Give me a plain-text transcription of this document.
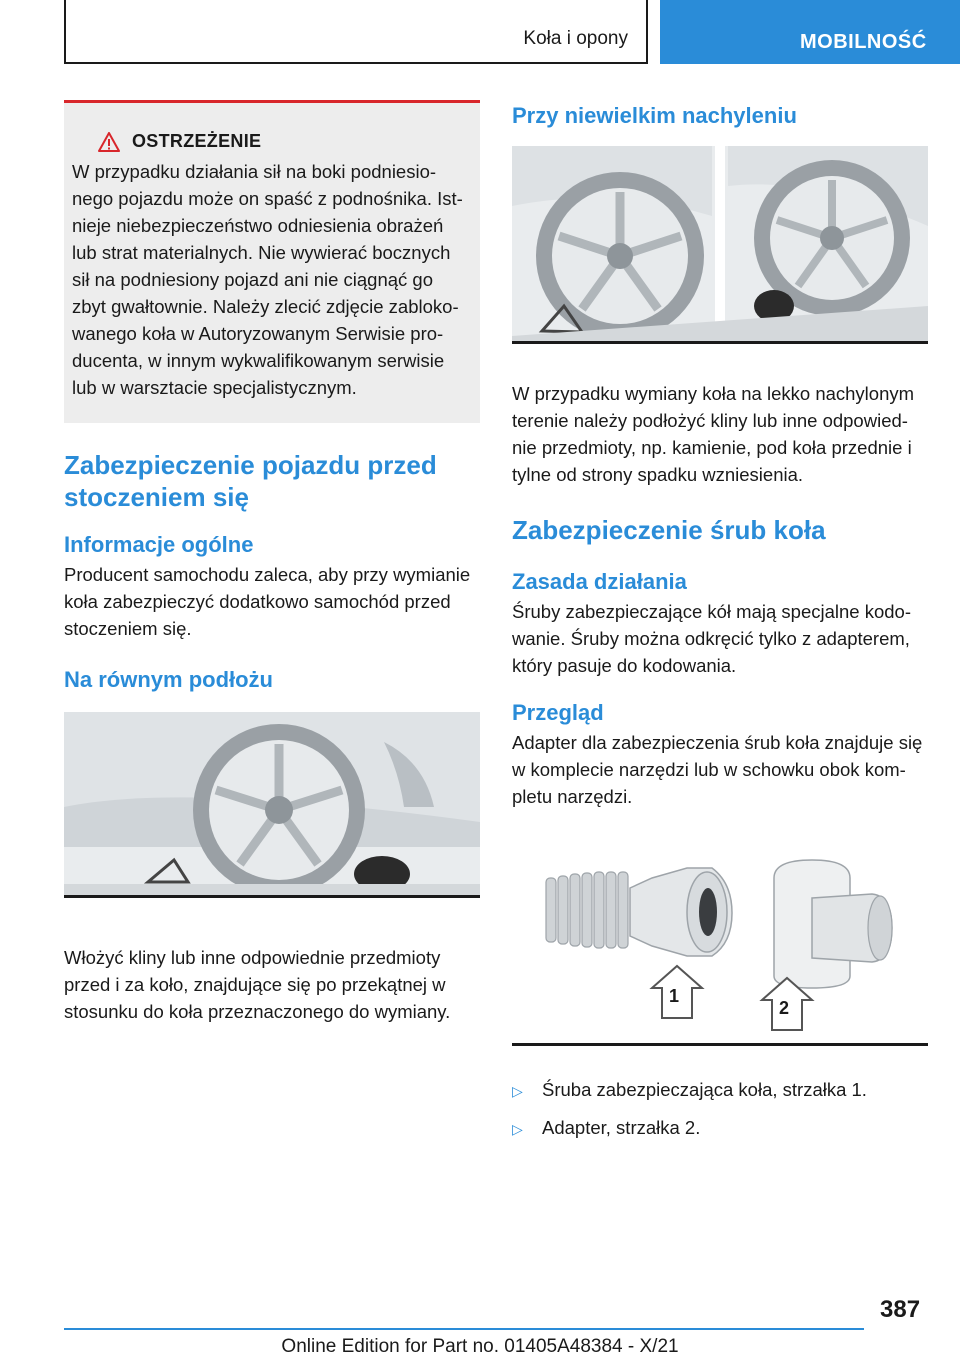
Koła i opony	MOBILNOŚĆ
OSTRZEŻENIE
W przypadku działania sił na boki podniesio-
nego pojazdu może on spaść z podnośnika. Ist-
nieje niebezpieczeństwo odniesienia obrażeń
lub strat materialnych. Nie wywierać bocznych
sił na podniesiony pojazd ani nie ciągnąć go
zbyt gwałtownie. Należy zlecić zdjęcie zabloko-
wanego koła w Autoryzowanym Serwisie pro-
ducenta, w innym wykwalifikowanym serwisie
lub w warsztacie specjalistycznym.
Zabezpieczenie pojazdu przed
stoczeniem się
Informacje ogólne

Producent samochodu zaleca, aby przy wymianie
koła zabezpieczyć dodatkowo samochód przed
stoczeniem się.

Na równym podłożu

Włożyć kliny lub inne odpowiednie przedmioty
przed i za koło, znajdujące się po przekątnej w
stosunku do koła przeznaczonego do wymiany.

Przy niewielkim nachyleniu

W przypadku wymiany koła na lekko nachylonym
terenie należy podłożyć kliny lub inne odpowied-
nie przedmioty, np. kamienie, pod koła przednie i
tylne od strony spadku wzniesienia.

Zabezpieczenie śrub koła
Zasada działania

Śruby zabezpieczające kół mają specjalne kodo-
wanie. Śruby można odkręcić tylko z adapterem,
który pasuje do kodowania.

Przegląd

Adapter dla zabezpieczenia śrub koła znajduje się
w komplecie narzędzi lub w schowku obok kom-
pletu narzędzi.

1
2
▷	Śruba zabezpieczająca koła, strzałka 1.
▷	Adapter, strzałka 2.
387
Online Edition for Part no. 01405A48384 - X/21
